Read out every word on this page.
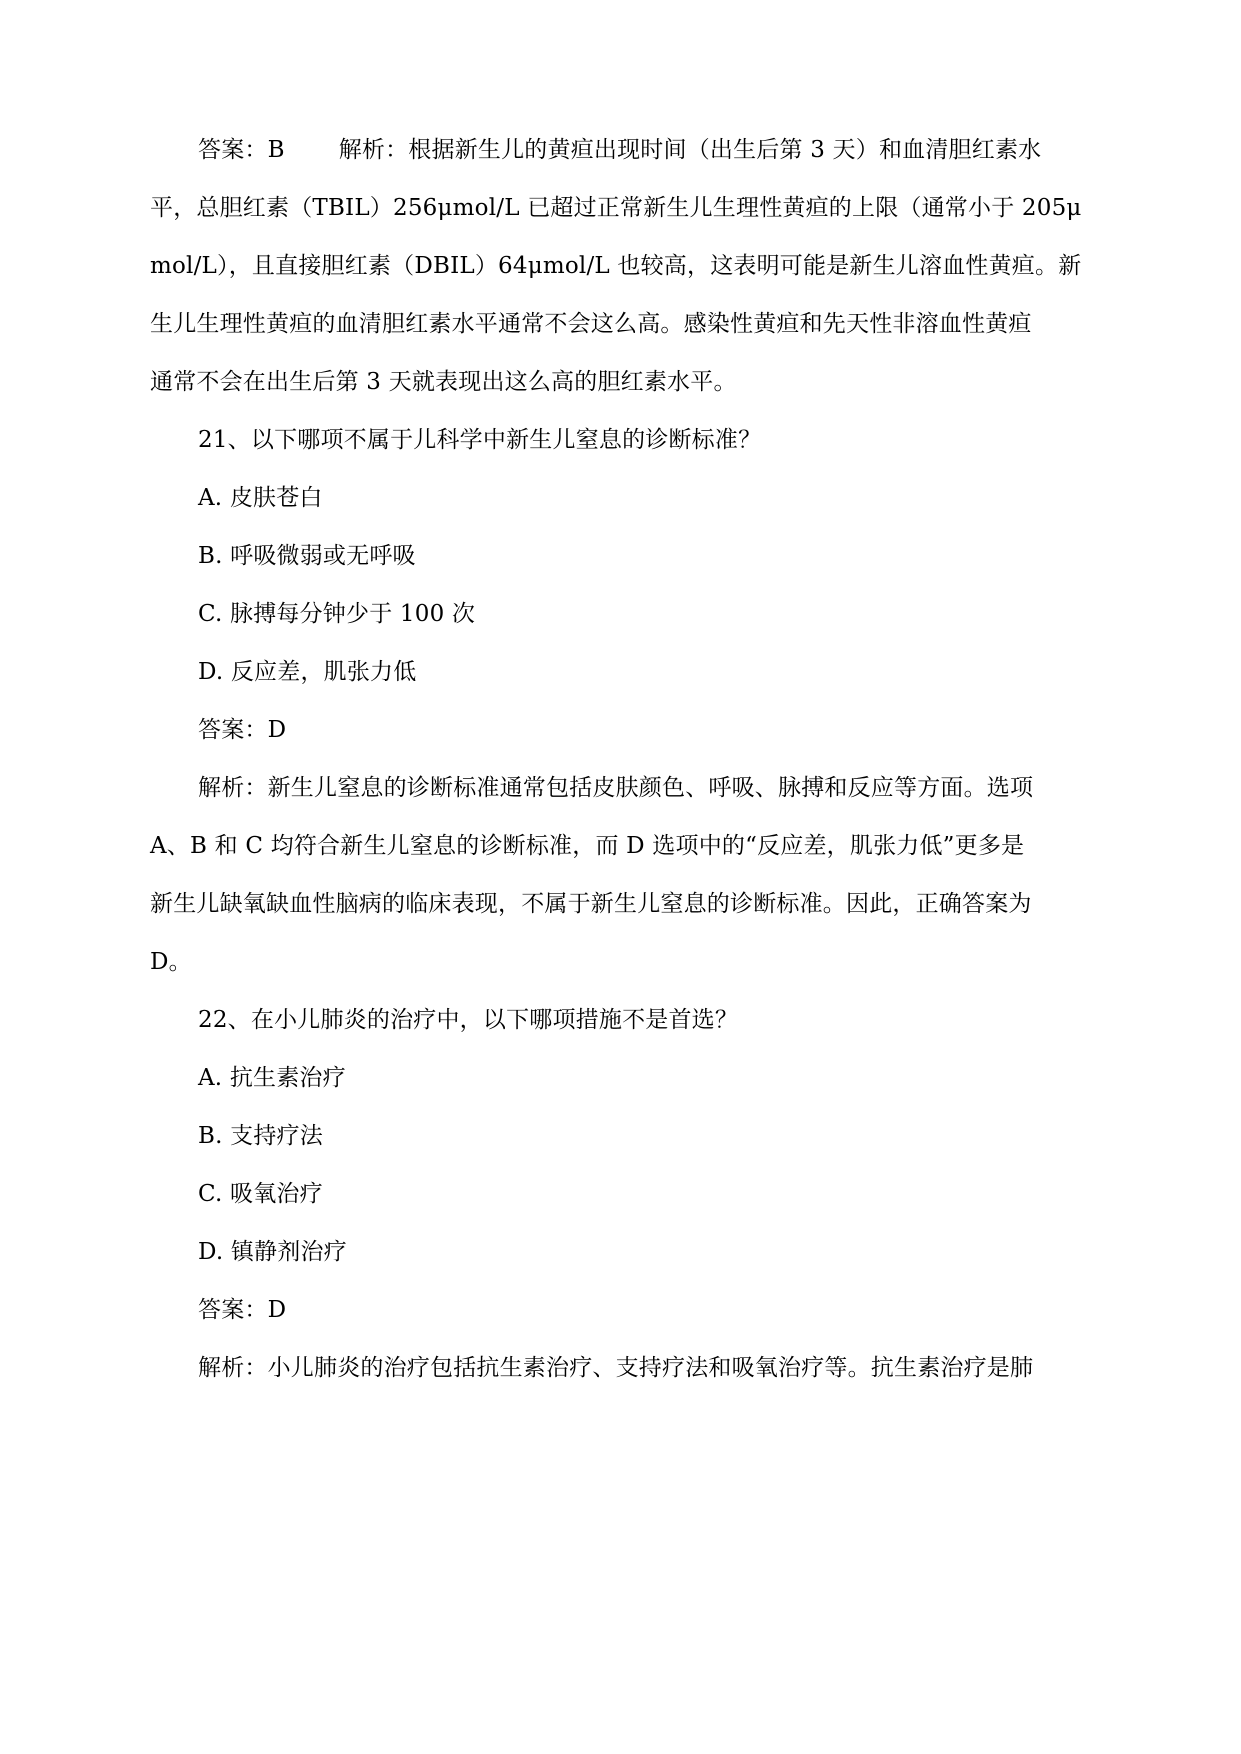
答案：B 解析：根据新生儿的黄疸出现时间（出生后第 3 天）和血清胆红素水
平，总胆红素（TBIL）256μmol/L 已超过正常新生儿生理性黄疸的上限（通常小于 205μ
mol/L），且直接胆红素（DBIL）64μmol/L 也较高，这表明可能是新生儿溶血性黄疸。新
生儿生理性黄疸的血清胆红素水平通常不会这么高。感染性黄疸和先天性非溶血性黄疸
通常不会在出生后第 3 天就表现出这么高的胆红素水平。
21、以下哪项不属于儿科学中新生儿窒息的诊断标准？
A. 皮肤苍白
B. 呼吸微弱或无呼吸
C. 脉搏每分钟少于 100 次
D. 反应差，肌张力低
答案：D
解析：新生儿窒息的诊断标准通常包括皮肤颜色、呼吸、脉搏和反应等方面。选项
A、B 和 C 均符合新生儿窒息的诊断标准，而 D 选项中的“反应差，肌张力低”更多是
新生儿缺氧缺血性脑病的临床表现，不属于新生儿窒息的诊断标准。因此，正确答案为
D。
22、在小儿肺炎的治疗中，以下哪项措施不是首选？
A. 抗生素治疗
B. 支持疗法
C. 吸氧治疗
D. 镇静剂治疗
答案：D
解析：小儿肺炎的治疗包括抗生素治疗、支持疗法和吸氧治疗等。抗生素治疗是肺
